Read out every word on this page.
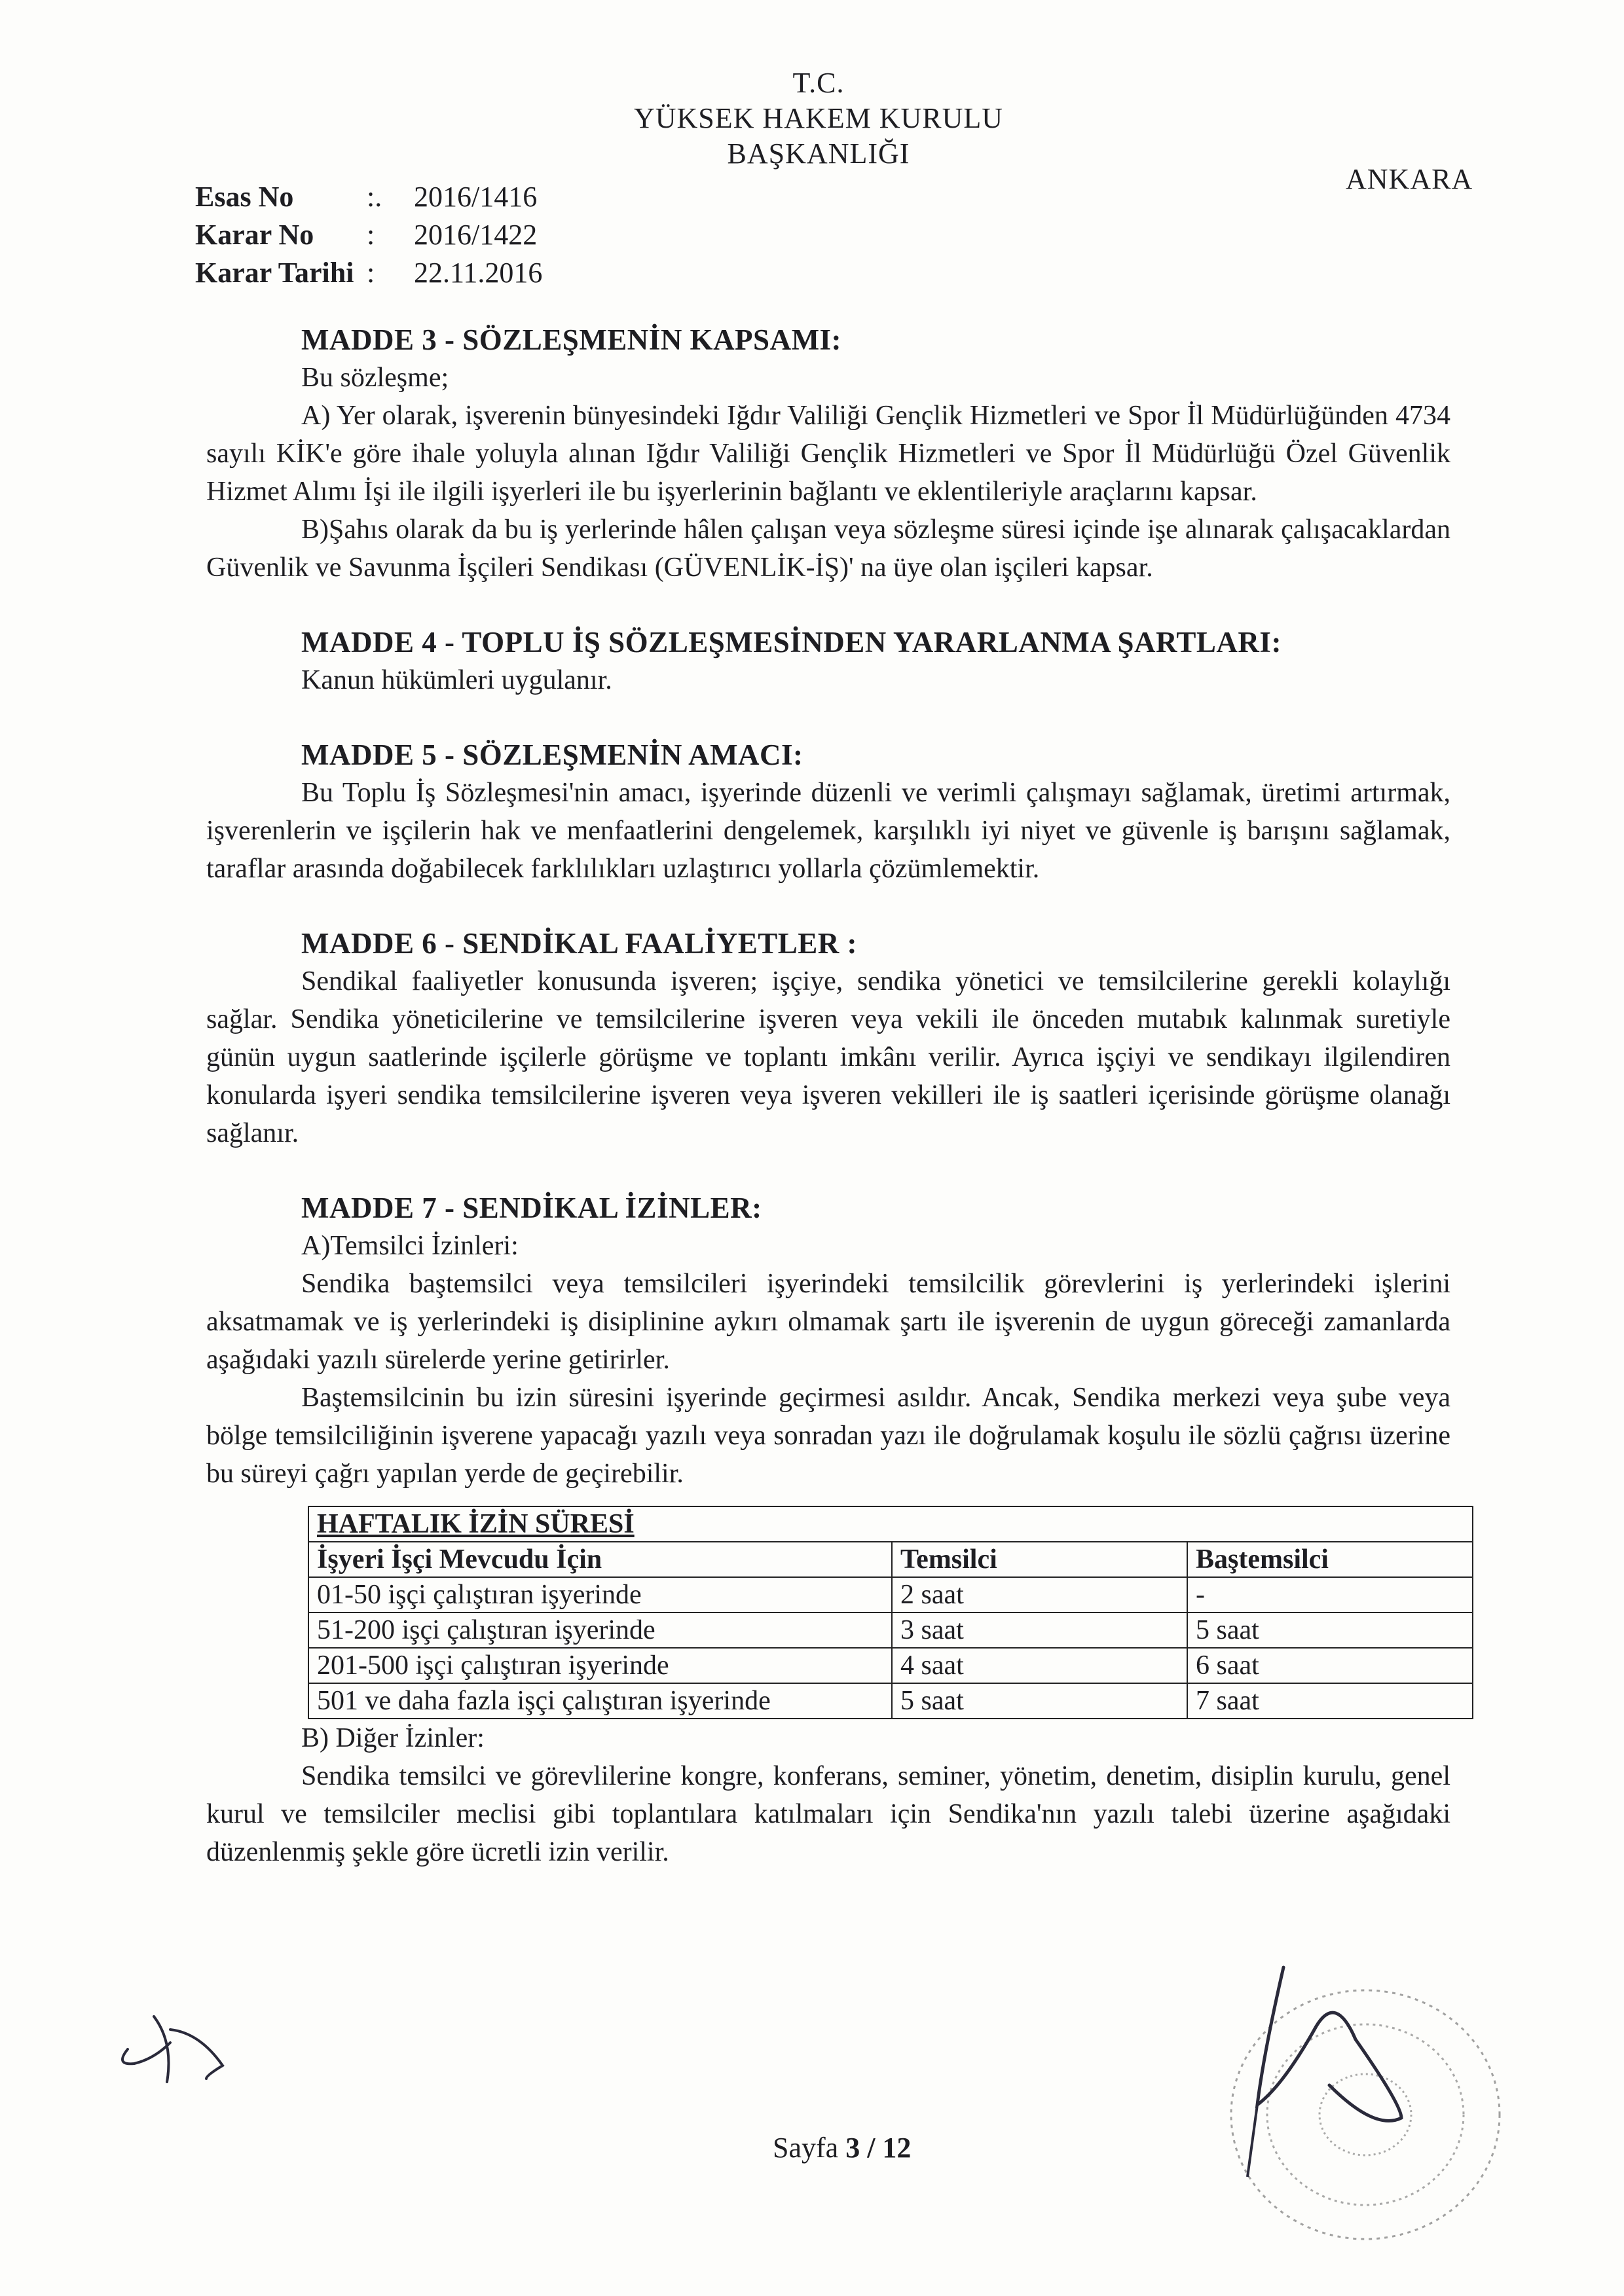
T.C.
YÜKSEK HAKEM KURULU
BAŞKANLIĞI
ANKARA
Esas No	:.	2016/1416
Karar No	:	2016/1422
Karar Tarihi :	22.11.2016
MADDE 3 - SÖZLEŞMENİN KAPSAMI:

Bu sözleşme;

A) Yer olarak, işverenin bünyesindeki Iğdır Valiliği Gençlik Hizmetleri ve Spor İl Müdürlüğünden 4734 sayılı KİK'e göre ihale yoluyla alınan Iğdır Valiliği Gençlik Hizmetleri ve Spor İl Müdürlüğü Özel Güvenlik Hizmet Alımı İşi ile ilgili işyerleri ile bu işyerlerinin bağlantı ve eklentileriyle araçlarını kapsar.

B)Şahıs olarak da bu iş yerlerinde hâlen çalışan veya sözleşme süresi içinde işe alınarak çalışacaklardan Güvenlik ve Savunma İşçileri Sendikası (GÜVENLİK-İŞ)' na üye olan işçileri kapsar.

MADDE 4 - TOPLU İŞ SÖZLEŞMESİNDEN YARARLANMA ŞARTLARI:

Kanun hükümleri uygulanır.

MADDE 5 - SÖZLEŞMENİN AMACI:

Bu Toplu İş Sözleşmesi'nin amacı, işyerinde düzenli ve verimli çalışmayı sağlamak, üretimi artırmak, işverenlerin ve işçilerin hak ve menfaatlerini dengelemek, karşılıklı iyi niyet ve güvenle iş barışını sağlamak, taraflar arasında doğabilecek farklılıkları uzlaştırıcı yollarla çözümlemektir.

MADDE 6 - SENDİKAL FAALİYETLER :

Sendikal faaliyetler konusunda işveren; işçiye, sendika yönetici ve temsilcilerine gerekli kolaylığı sağlar. Sendika yöneticilerine ve temsilcilerine işveren veya vekili ile önceden mutabık kalınmak suretiyle günün uygun saatlerinde işçilerle görüşme ve toplantı imkânı verilir. Ayrıca işçiyi ve sendikayı ilgilendiren konularda işyeri sendika temsilcilerine işveren veya işveren vekilleri ile iş saatleri içerisinde görüşme olanağı sağlanır.

MADDE 7 - SENDİKAL İZİNLER:

A)Temsilci İzinleri:

Sendika baştemsilci veya temsilcileri işyerindeki temsilcilik görevlerini iş yerlerindeki işlerini aksatmamak ve iş yerlerindeki iş disiplinine aykırı olmamak şartı ile işverenin de uygun göreceği zamanlarda aşağıdaki yazılı sürelerde yerine getirirler.

Baştemsilcinin bu izin süresini işyerinde geçirmesi asıldır. Ancak, Sendika merkezi veya şube veya bölge temsilciliğinin işverene yapacağı yazılı veya sonradan yazı ile doğrulamak koşulu ile sözlü çağrısı üzerine bu süreyi çağrı yapılan yerde de geçirebilir.

HAFTALIK İZİN SÜRESİ		
İşyeri İşçi Mevcudu İçin	Temsilci	Baştemsilci
01-50 işçi çalıştıran işyerinde	2 saat	-
51-200 işçi çalıştıran işyerinde	3 saat	5 saat
201-500 işçi çalıştıran işyerinde	4 saat	6 saat
501 ve daha fazla işçi çalıştıran işyerinde	5 saat	7 saat

B) Diğer İzinler:

Sendika temsilci ve görevlilerine kongre, konferans, seminer, yönetim, denetim, disiplin kurulu, genel kurul ve temsilciler meclisi gibi toplantılara katılmaları için Sendika'nın yazılı talebi üzerine aşağıdaki düzenlenmiş şekle göre ücretli izin verilir.

Sayfa 3 / 12
